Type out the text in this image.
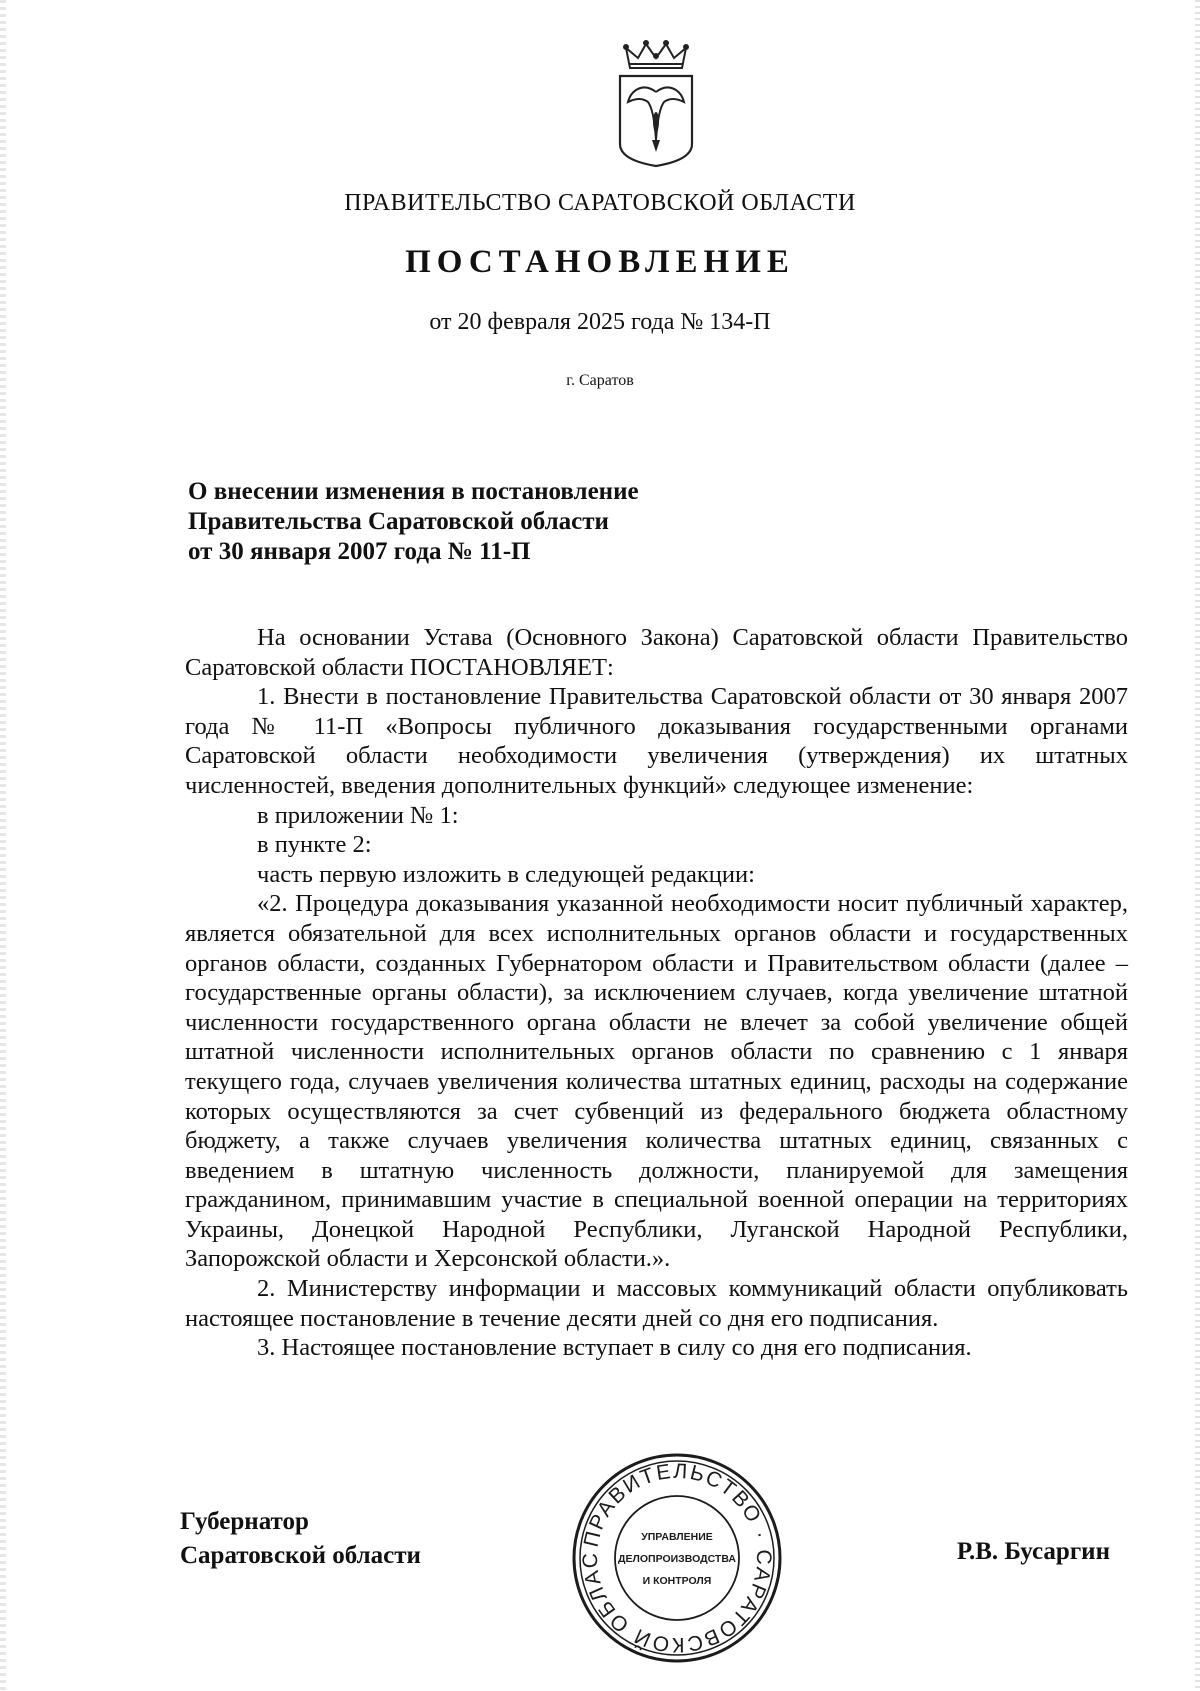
ПРАВИТЕЛЬСТВО САРАТОВСКОЙ ОБЛАСТИ
ПОСТАНОВЛЕНИЕ

от 20 февраля 2025 года № 134-П

г. Саратов

О внесении изменения в постановление
Правительства Саратовской области
от 30 января 2007 года № 11-П

На основании Устава (Основного Закона) Саратовской области Правительство Саратовской области ПОСТАНОВЛЯЕТ:

1. Внести в постановление Правительства Саратовской области от 30 января 2007 года № 11-П «Вопросы публичного доказывания государственными органами Саратовской области необходимости увеличения (утверждения) их штатных численностей, введения дополнительных функций» следующее изменение:

в приложении № 1:

в пункте 2:

часть первую изложить в следующей редакции:

«2. Процедура доказывания указанной необходимости носит публичный характер, является обязательной для всех исполнительных органов области и государственных органов области, созданных Губернатором области и Правительством области (далее – государственные органы области), за исключением случаев, когда увеличение штатной численности государственного органа области не влечет за собой увеличение общей штатной численности исполнительных органов области по сравнению с 1 января текущего года, случаев увеличения количества штатных единиц, расходы на содержание которых осуществляются за счет субвенций из федерального бюджета областному бюджету, а также случаев увеличения количества штатных единиц, связанных с введением в штатную численность должности, планируемой для замещения гражданином, принимавшим участие в специальной военной операции на территориях Украины, Донецкой Народной Республики, Луганской Народной Республики, Запорожской области и Херсонской области.».

2. Министерству информации и массовых коммуникаций области опубликовать настоящее постановление в течение десяти дней со дня его подписания.

3. Настоящее постановление вступает в силу со дня его подписания.

Губернатор
Саратовской области
ПРАВИТЕЛЬСТВО · САРАТОВСКОЙ ОБЛАС
УПРАВЛЕНИЕ
ДЕЛОПРОИЗВОДСТВА
И КОНТРОЛЯ
Р.В. Бусаргин
